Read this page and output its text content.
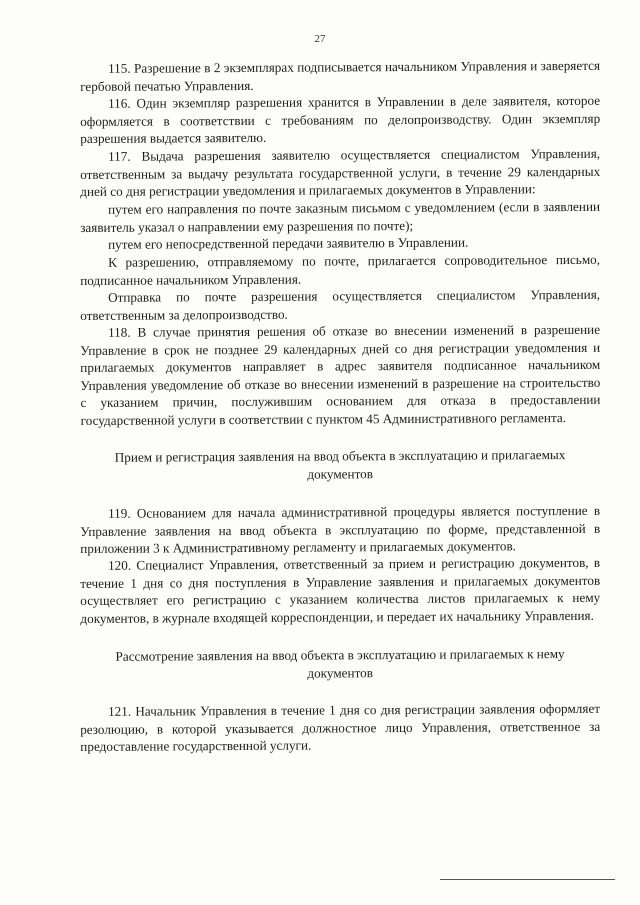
27

115. Разрешение в 2 экземплярах подписывается начальником Управления и заверяется гербовой печатью Управления.

116. Один экземпляр разрешения хранится в Управлении в деле заявителя, которое оформляется в соответствии с требованиям по делопроизводству. Один экземпляр разрешения выдается заявителю.

117. Выдача разрешения заявителю осуществляется специалистом Управления, ответственным за выдачу результата государственной услуги, в течение 29 календарных дней со дня регистрации уведомления и прилагаемых документов в Управлении:

путем его направления по почте заказным письмом с уведомлением (если в заявлении заявитель указал о направлении ему разрешения по почте);

путем его непосредственной передачи заявителю в Управлении.

К разрешению, отправляемому по почте, прилагается сопроводительное письмо, подписанное начальником Управления.

Отправка по почте разрешения осуществляется специалистом Управления, ответственным за делопроизводство.

118. В случае принятия решения об отказе во внесении изменений в разрешение Управление в срок не позднее 29 календарных дней со дня регистрации уведомления и прилагаемых документов направляет в адрес заявителя подписанное начальником Управления уведомление об отказе во внесении изменений в разрешение на строительство с указанием причин, послужившим основанием для отказа в предоставлении государственной услуги в соответствии с пунктом 45 Административного регламента.

Прием и регистрация заявления на ввод объекта в эксплуатацию и прилагаемых документов

119. Основанием для начала административной процедуры является поступление в Управление заявления на ввод объекта в эксплуатацию по форме, представленной в приложении 3 к Административному регламенту и прилагаемых документов.

120. Специалист Управления, ответственный за прием и регистрацию документов, в течение 1 дня со дня поступления в Управление заявления и прилагаемых документов осуществляет его регистрацию с указанием количества листов прилагаемых к нему документов, в журнале входящей корреспонденции, и передает их начальнику Управления.

Рассмотрение заявления на ввод объекта в эксплуатацию и прилагаемых к нему документов

121. Начальник Управления в течение 1 дня со дня регистрации заявления оформляет резолюцию, в которой указывается должностное лицо Управления, ответственное за предоставление государственной услуги.
